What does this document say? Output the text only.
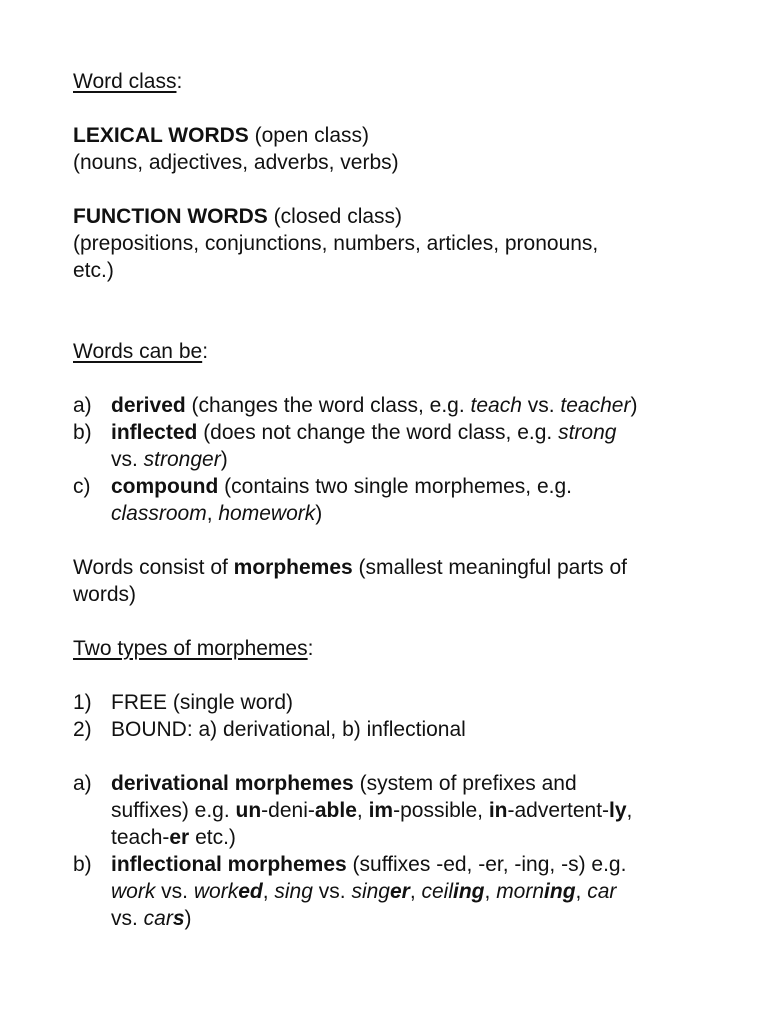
Word class:
LEXICAL WORDS (open class)
(nouns, adjectives, adverbs, verbs)
FUNCTION WORDS (closed class)
(prepositions, conjunctions, numbers, articles, pronouns,
etc.)
Words can be:
a) derived (changes the word class, e.g. teach vs. teacher)
b) inflected (does not change the word class, e.g. strong
vs. stronger)
c) compound (contains two single morphemes, e.g.
classroom, homework)
Words consist of morphemes (smallest meaningful parts of
words)
Two types of morphemes:
1) FREE (single word)
2) BOUND: a) derivational, b) inflectional
a) derivational morphemes (system of prefixes and
suffixes) e.g. un-deni-able, im-possible, in-advertent-ly,
teach-er etc.)
b) inflectional morphemes (suffixes -ed, -er, -ing, -s) e.g.
work vs. worked, sing vs. singer, ceiling, morning, car
vs. cars)
